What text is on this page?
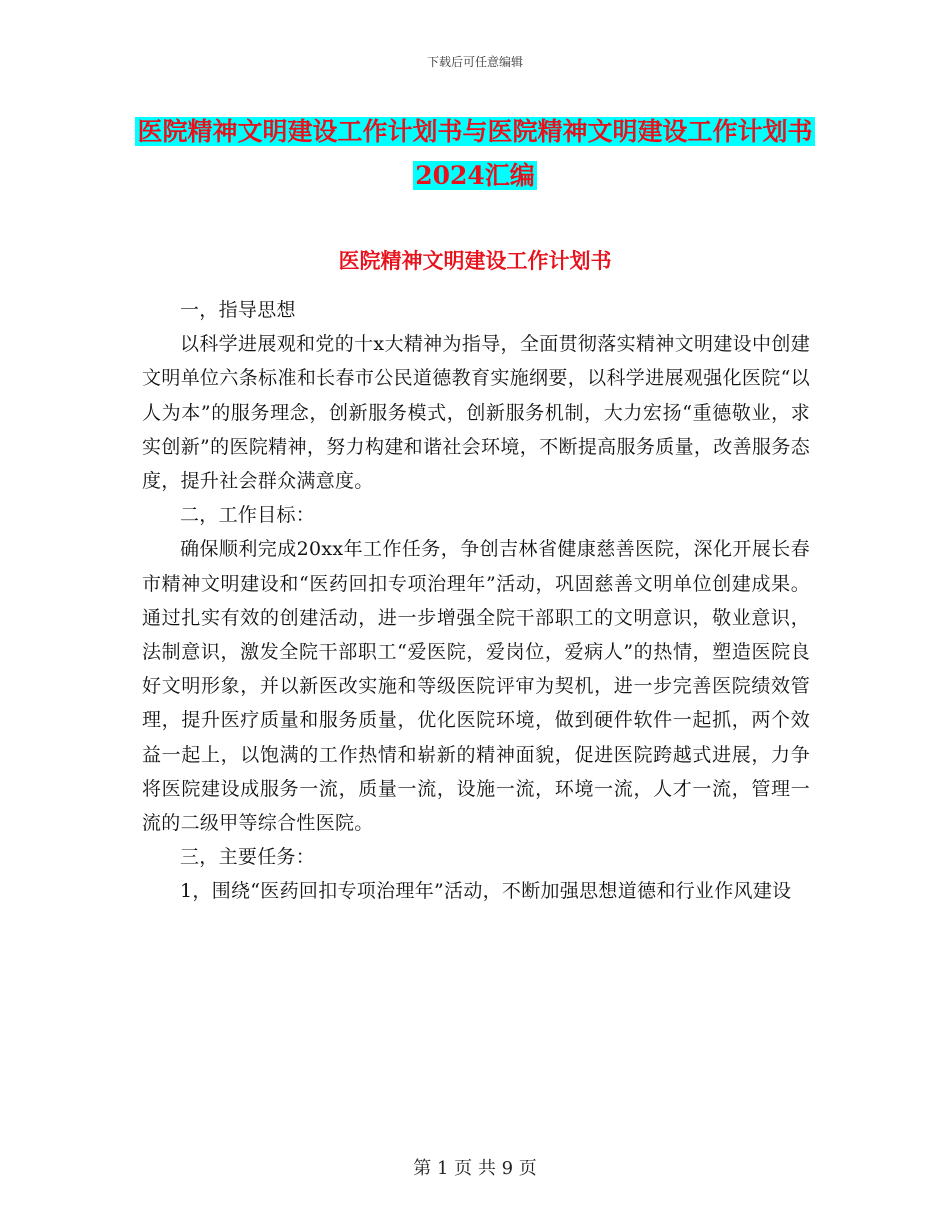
下载后可任意编辑
医院精神文明建设工作计划书与医院精神文明建设工作计划书2024汇编
医院精神文明建设工作计划书

一，指导思想

以科学进展观和党的十x大精神为指导，全面贯彻落实精神文明建设中创建文明单位六条标准和长春市公民道德教育实施纲要，以科学进展观强化医院“以人为本”的服务理念，创新服务模式，创新服务机制，大力宏扬“重德敬业，求实创新”的医院精神，努力构建和谐社会环境，不断提高服务质量，改善服务态度，提升社会群众满意度。

二，工作目标：

确保顺利完成20xx年工作任务，争创吉林省健康慈善医院，深化开展长春市精神文明建设和“医药回扣专项治理年”活动，巩固慈善文明单位创建成果。通过扎实有效的创建活动，进一步增强全院干部职工的文明意识，敬业意识，法制意识，激发全院干部职工“爱医院，爱岗位，爱病人”的热情，塑造医院良好文明形象，并以新医改实施和等级医院评审为契机，进一步完善医院绩效管理，提升医疗质量和服务质量，优化医院环境，做到硬件软件一起抓，两个效益一起上，以饱满的工作热情和崭新的精神面貌，促进医院跨越式进展，力争将医院建设成服务一流，质量一流，设施一流，环境一流，人才一流，管理一流的二级甲等综合性医院。

三，主要任务：

1，围绕“医药回扣专项治理年”活动，不断加强思想道德和行业作风建设

第 1 页 共 9 页
